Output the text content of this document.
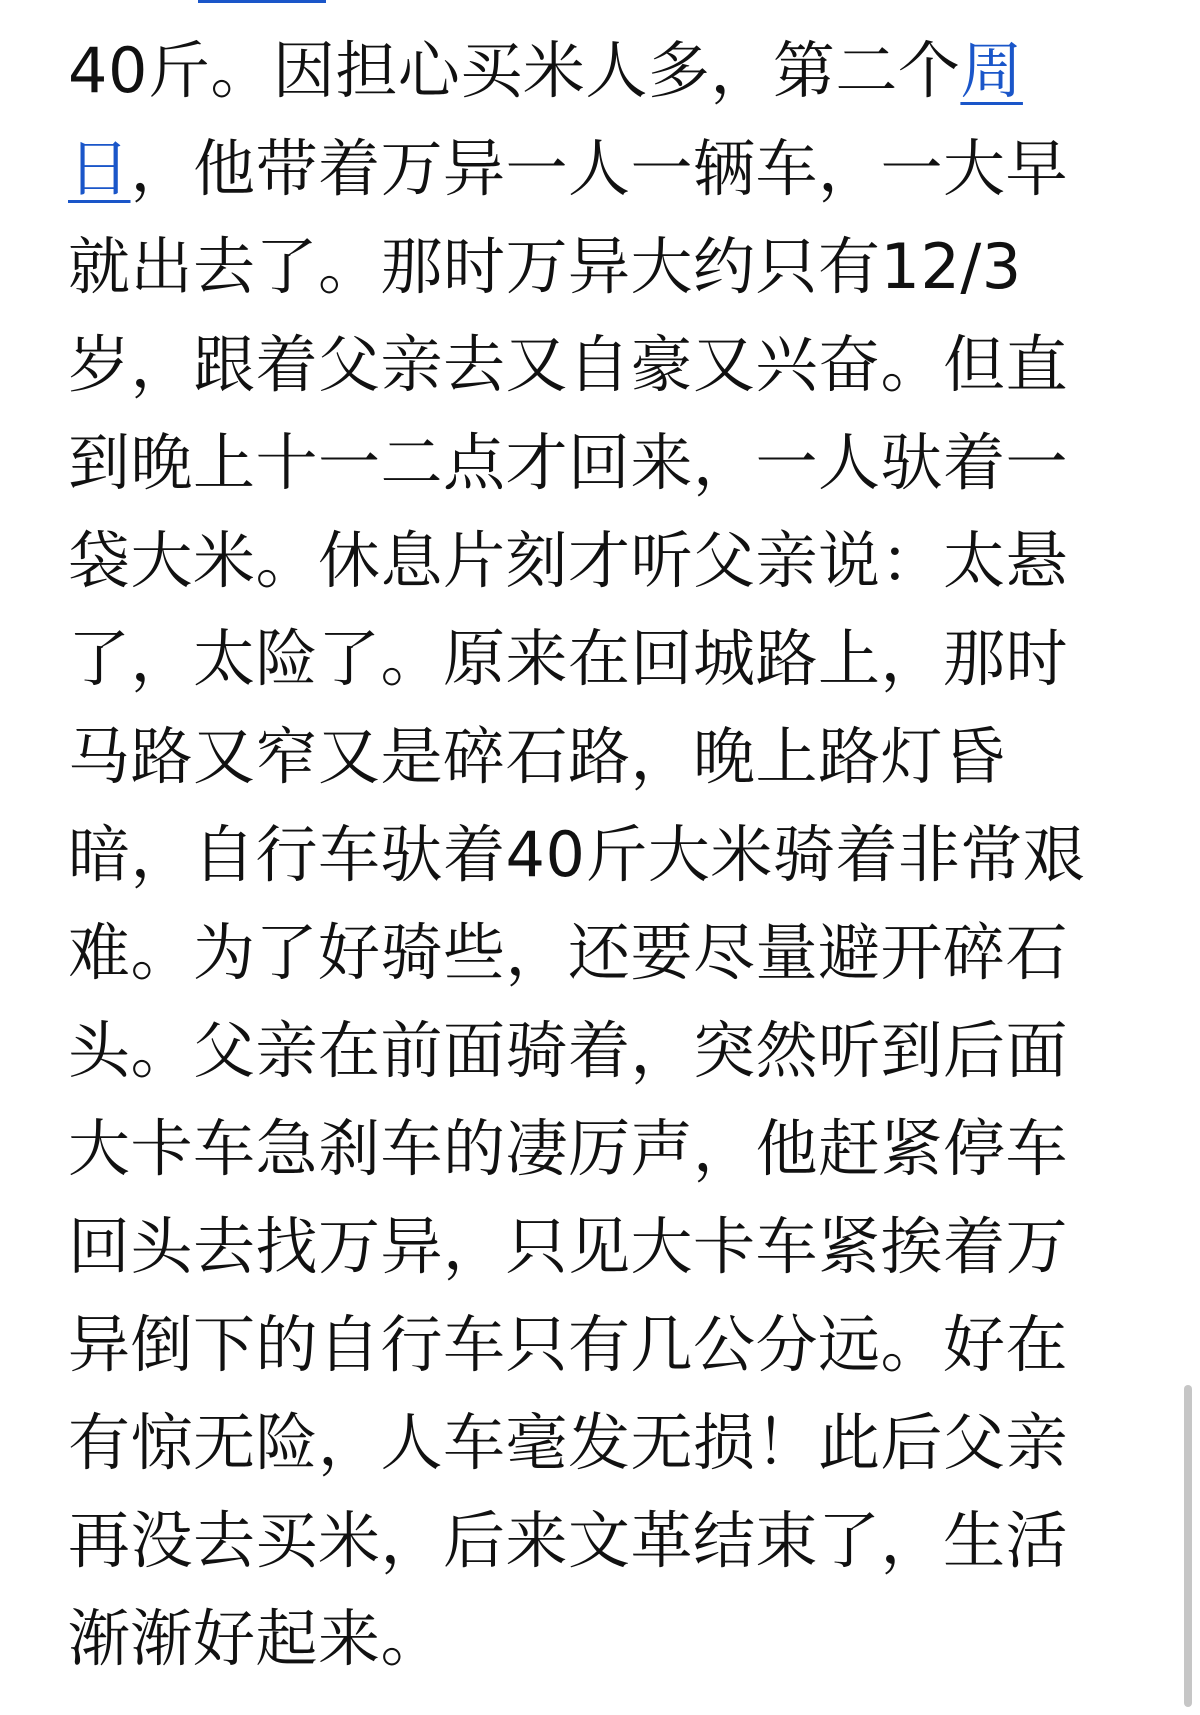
40斤。因担心买米人多，第二个周
日，他带着万异一人一辆车，一大早
就出去了。那时万异大约只有12/3
岁，跟着父亲去又自豪又兴奋。但直
到晚上十一二点才回来，一人驮着一
袋大米。休息片刻才听父亲说：太悬
了，太险了。原来在回城路上，那时
马路又窄又是碎石路，晚上路灯昏
暗，自行车驮着40斤大米骑着非常艰
难。为了好骑些，还要尽量避开碎石
头。父亲在前面骑着，突然听到后面
大卡车急刹车的凄厉声，他赶紧停车
回头去找万异，只见大卡车紧挨着万
异倒下的自行车只有几公分远。好在
有惊无险，人车毫发无损！此后父亲
再没去买米，后来文革结束了，生活
渐渐好起来。
